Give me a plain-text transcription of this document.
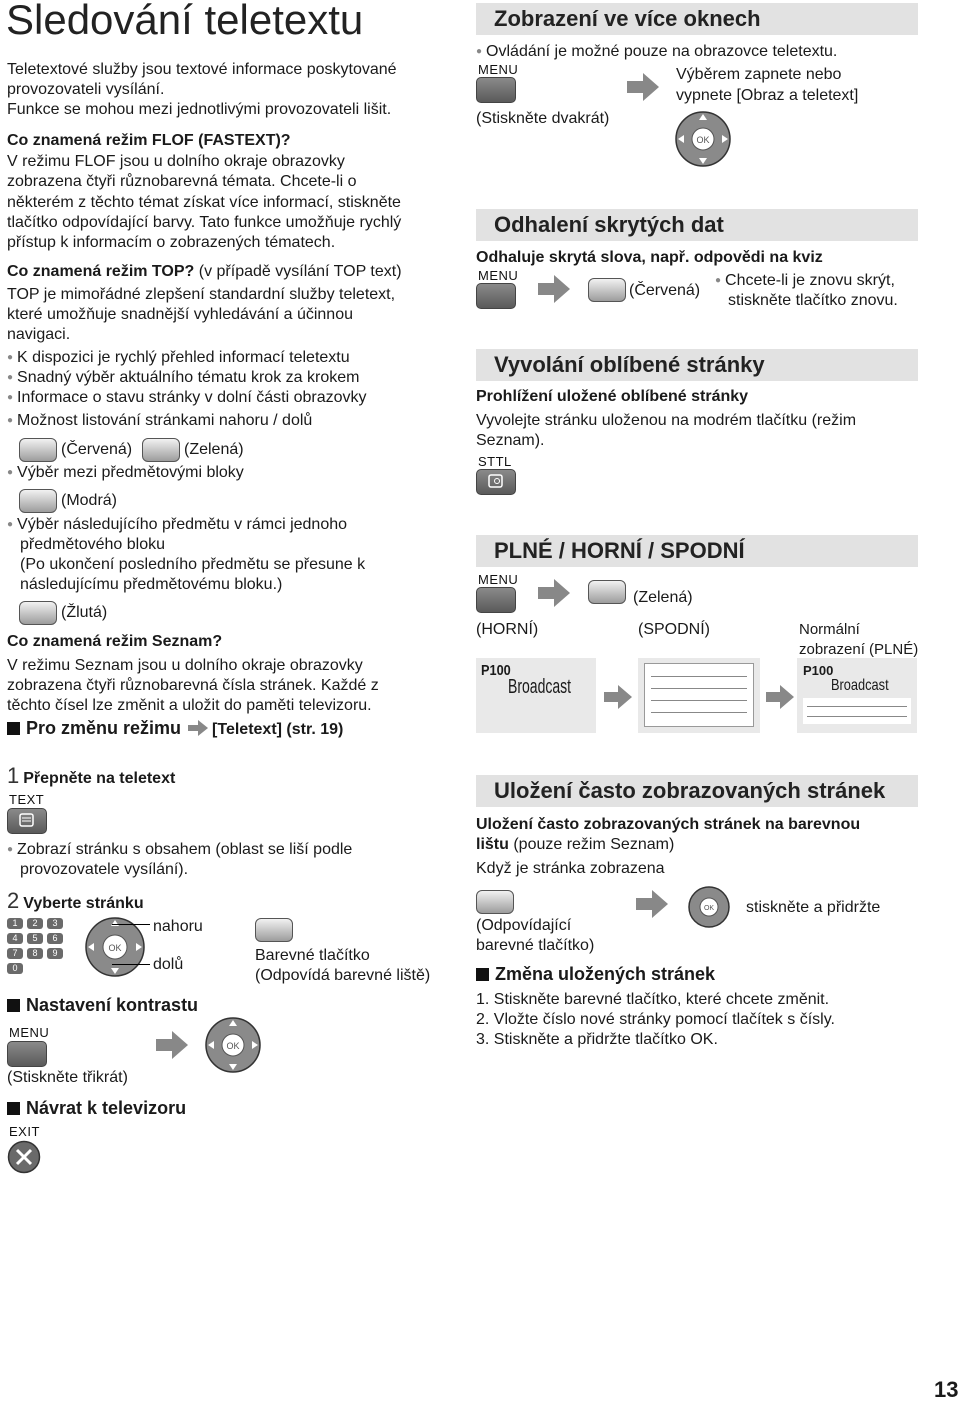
Sledování teletextu
Teletextové služby jsou textové informace poskytované
provozovateli vysílání.
Funkce se mohou mezi jednotlivými provozovateli lišit.
Co znamená režim FLOF (FASTEXT)?
V režimu FLOF jsou u dolního okraje obrazovky
zobrazena čtyři různobarevná témata. Chcete-li o
některém z těchto témat získat více informací, stiskněte
tlačítko odpovídající barvy. Tato funkce umožňuje rychlý
přístup k informacím o zobrazených tématech.
Co znamená režim TOP? (v případě vysílání TOP text)
TOP je mimořádné zlepšení standardní služby teletext,
které umožňuje snadnější vyhledávání a účinnou
navigaci.
● K dispozici je rychlý přehled informací teletextu
● Snadný výběr aktuálního tématu krok za krokem
● Informace o stavu stránky v dolní části obrazovky
● Možnost listování stránkami nahoru / dolů
(Červená)	(Zelená)
● Výběr mezi předmětovými bloky
(Modrá)
● Výběr následujícího předmětu v rámci jednoho
předmětového bloku
(Po ukončení posledního předmětu se přesune k
následujícímu předmětovému bloku.)
(Žlutá)
Co znamená režim Seznam?
V režimu Seznam jsou u dolního okraje obrazovky
zobrazena čtyři různobarevná čísla stránek. Každé z
těchto čísel lze změnit a uložit do paměti televizoru.
Pro změnu režimu [Teletext] (str. 19)
1 Přepněte na teletext
TEXT
● Zobrazí stránku s obsahem (oblast se liší podle
provozovatele vysílání).
2 Vyberte stránku
1	2	3
4	5	6
7	8	9
0
OK
nahoru
dolů
Barevné tlačítko
(Odpovídá barevné liště)
Nastavení kontrastu
MENU
OK
(Stiskněte třikrát)
Návrat k televizoru
EXIT
Zobrazení ve více oknech
● Ovládání je možné pouze na obrazovce teletextu.
MENU	Výběrem zapnete nebo
vypnete [Obraz a teletext]
(Stiskněte dvakrát)
OK
Odhalení skrytých dat
Odhaluje skrytá slova, např. odpovědi na kviz
MENU
(Červená)
● Chcete-li je znovu skrýt,
stiskněte tlačítko znovu.
Vyvolání oblíbené stránky
Prohlížení uložené oblíbené stránky
Vyvolejte stránku uloženou na modrém tlačítku (režim
Seznam).
STTL
PLNÉ / HORNÍ / SPODNÍ
MENU
(Zelená)
(HORNÍ)	(SPODNÍ)	Normální
zobrazení (PLNÉ)
P100
Broadcast
P100
Broadcast
Uložení často zobrazovaných stránek
Uložení často zobrazovaných stránek na barevnou
lištu (pouze režim Seznam)
Když je stránka zobrazena
OK stiskněte a přidržte
(Odpovídající
barevné tlačítko)
Změna uložených stránek
1. Stiskněte barevné tlačítko, které chcete změnit.
2. Vložte číslo nové stránky pomocí tlačítek s čísly.
3. Stiskněte a přidržte tlačítko OK.
13
